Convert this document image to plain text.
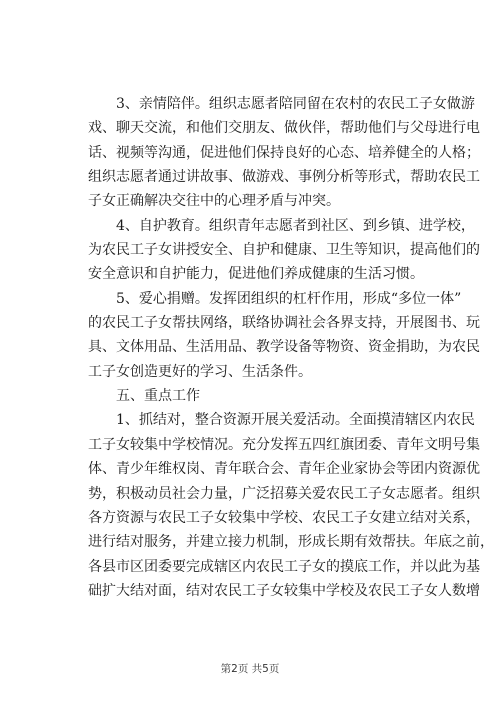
3 、 亲 情 陪 伴 。 组 织 志 愿 者 陪 同 留 在 农 村 的 农 民 工 子 女 做 游
戏 、 聊 天 交 流 ， 和 他 们 交 朋 友 、 做 伙 伴 ， 帮 助 他 们 与 父 母 进 行 电
话 、 视 频 等 沟 通 ， 促 进 他 们 保 持 良 好 的 心 态 、 培 养 健 全 的 人 格 ；
组 织 志 愿 者 通 过 讲 故 事 、 做 游 戏 、 事 例 分 析 等 形 式 ， 帮 助 农 民 工
子女正确解决交往中的心理矛盾与冲突。
4 、 自 护 教 育 。 组 织 青 年 志 愿 者 到 社 区 、 到 乡 镇 、 进 学 校 ，
为 农 民 工 子 女 讲 授 安 全 、 自 护 和 健 康 、 卫 生 等 知 识 ， 提 高 他 们 的
安全意识和自护能力，促进他们养成健康的生活习惯。
5 、 爱 心 捐 赠 。 发 挥 团 组 织 的 杠 杆 作 用 ， 形 成 “ 多 位 一 体 ”
的 农 民 工 子 女 帮 扶 网 络 ， 联 络 协 调 社 会 各 界 支 持 ， 开 展 图 书 、 玩
具 、 文 体 用 品 、 生 活 用 品 、 教 学 设 备 等 物 资 、 资 金 捐 助 ， 为 农 民
工子女创造更好的学习、生活条件。
五、重点工作
1 、 抓 结 对 ， 整 合 资 源 开 展 关 爱 活 动 。 全 面 摸 清 辖 区 内 农 民
工 子 女 较 集 中 学 校 情 况 。 充 分 发 挥 五 四 红 旗 团 委 、 青 年 文 明 号 集
体 、 青 少 年 维 权 岗 、 青 年 联 合 会 、 青 年 企 业 家 协 会 等 团 内 资 源 优
势 ， 积 极 动 员 社 会 力 量 ， 广 泛 招 募 关 爱 农 民 工 子 女 志 愿 者 。 组 织
各 方 资 源 与 农 民 工 子 女 较 集 中 学 校 、 农 民 工 子 女 建 立 结 对 关 系 ，
进 行 结 对 服 务 ， 并 建 立 接 力 机 制 ， 形 成 长 期 有 效 帮 扶 。 年 底 之 前 ，
各 县 市 区 团 委 要 完 成 辖 区 内 农 民 工 子 女 的 摸 底 工 作 ， 并 以 此 为 基
础 扩 大 结 对 面 ， 结 对 农 民 工 子 女 较 集 中 学 校 及 农 民 工 子 女 人 数 增
第2页 共5页
